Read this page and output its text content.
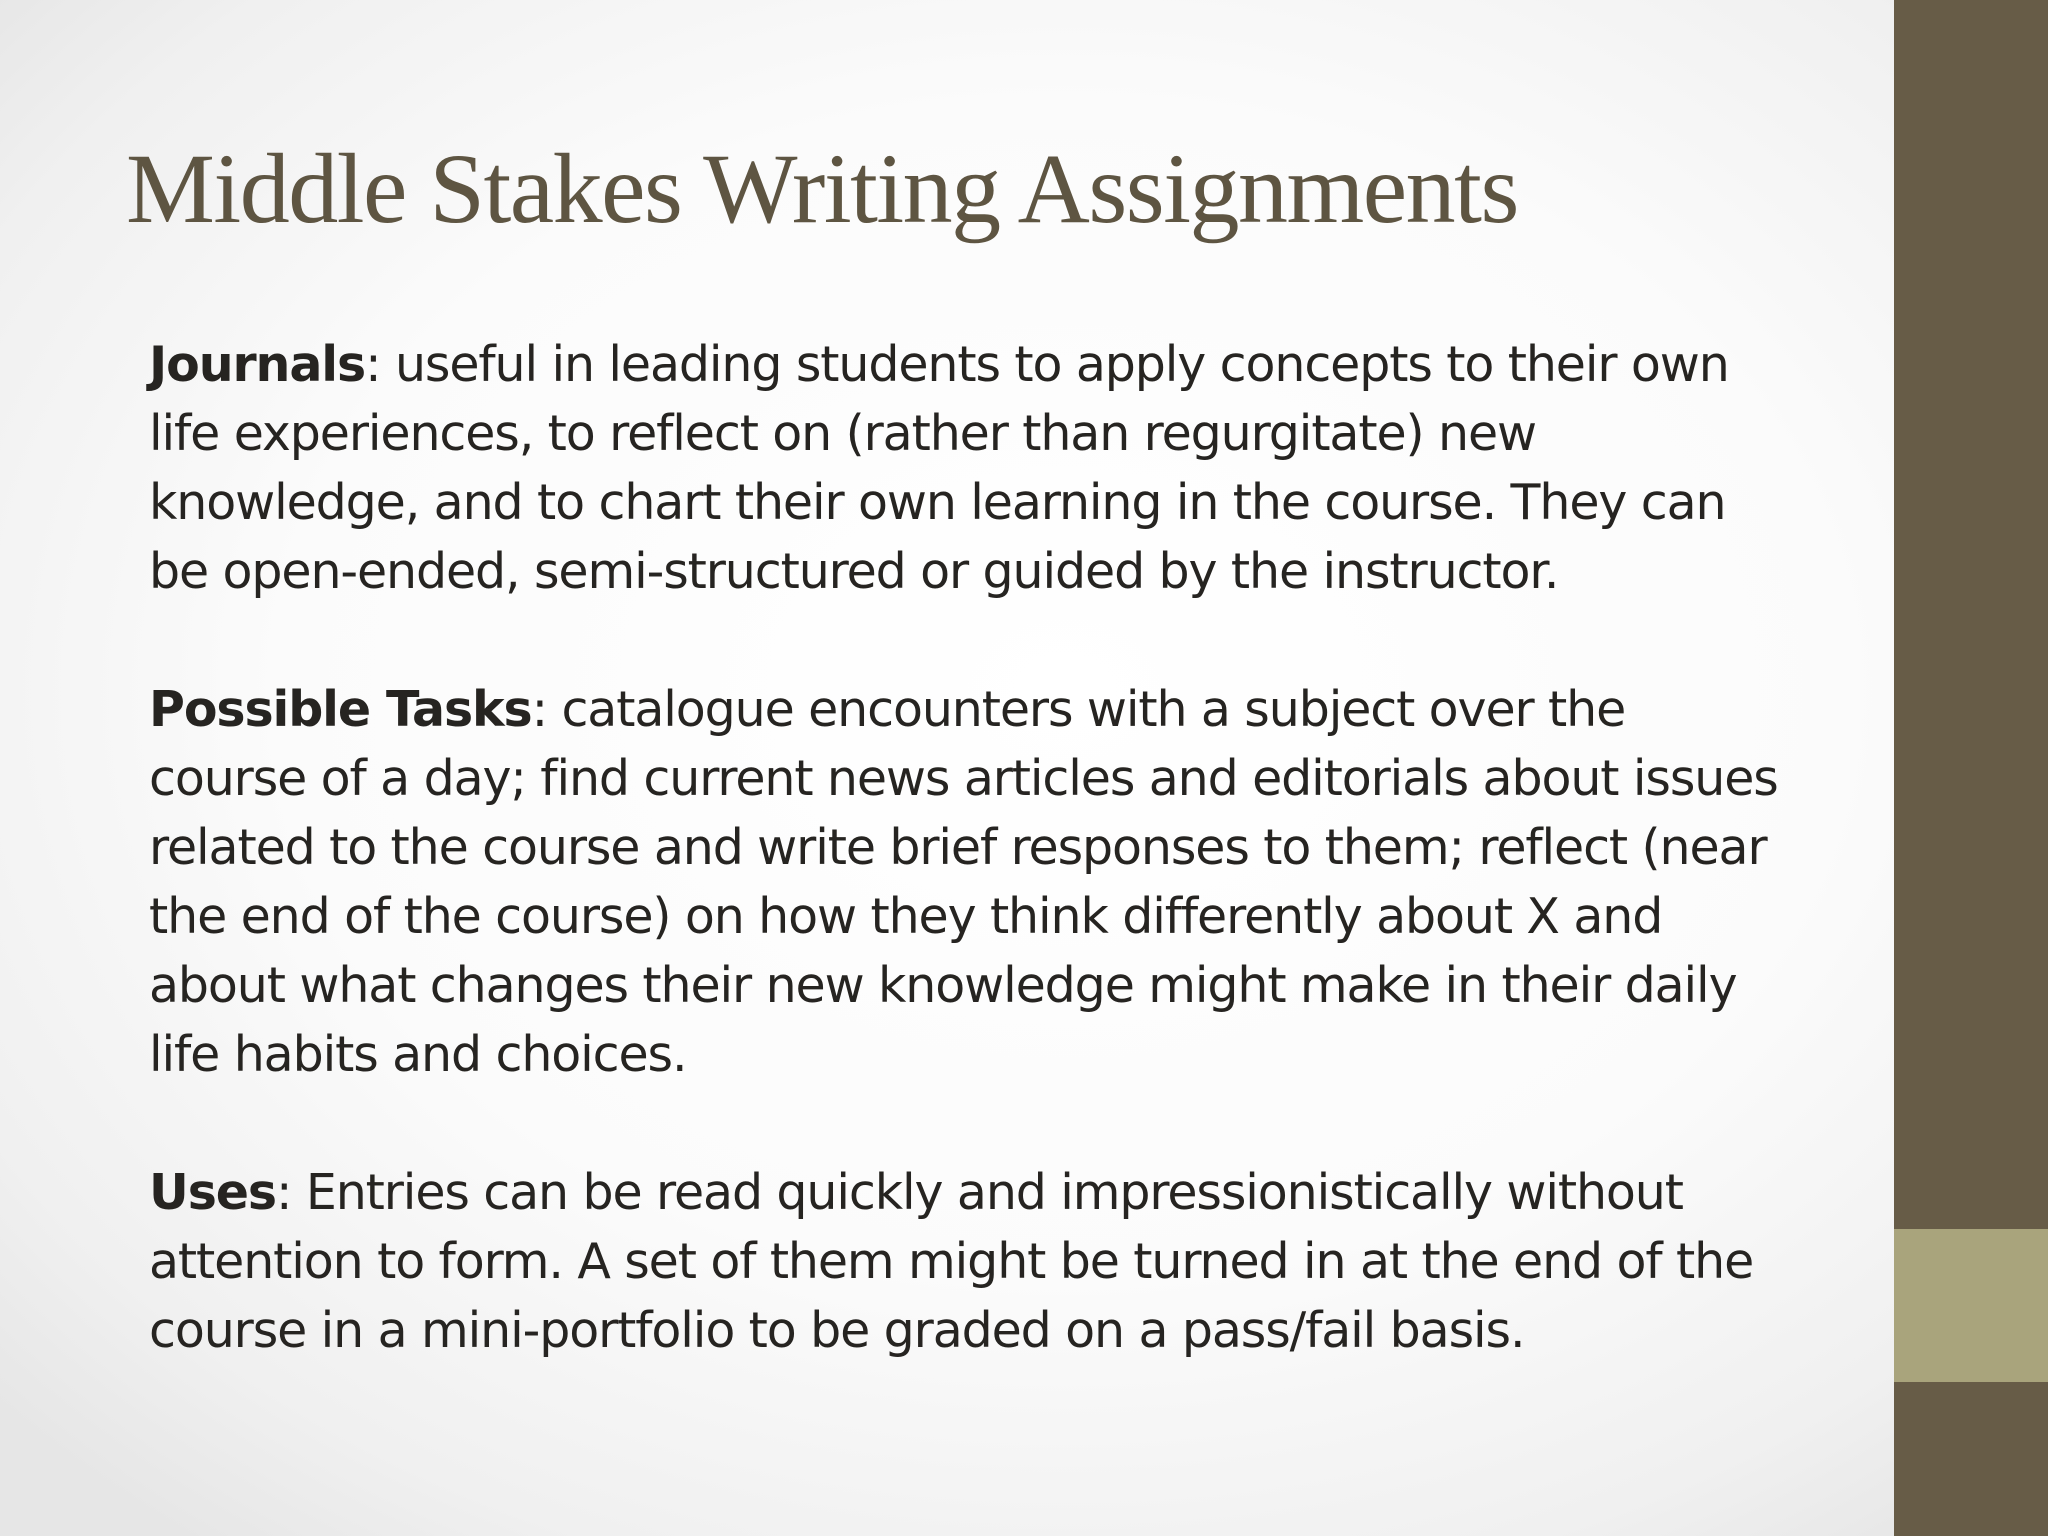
Middle Stakes Writing Assignments

Journals: useful in leading students to apply concepts to their own life experiences, to reflect on (rather than regurgitate) new knowledge, and to chart their own learning in the course. They can be open-ended, semi-structured or guided by the instructor.

Possible Tasks: catalogue encounters with a subject over the course of a day; find current news articles and editorials about issues related to the course and write brief responses to them; reflect (near the end of the course) on how they think differently about X and about what changes their new knowledge might make in their daily life habits and choices.

Uses: Entries can be read quickly and impressionistically without attention to form. A set of them might be turned in at the end of the course in a mini-portfolio to be graded on a pass/fail basis.
